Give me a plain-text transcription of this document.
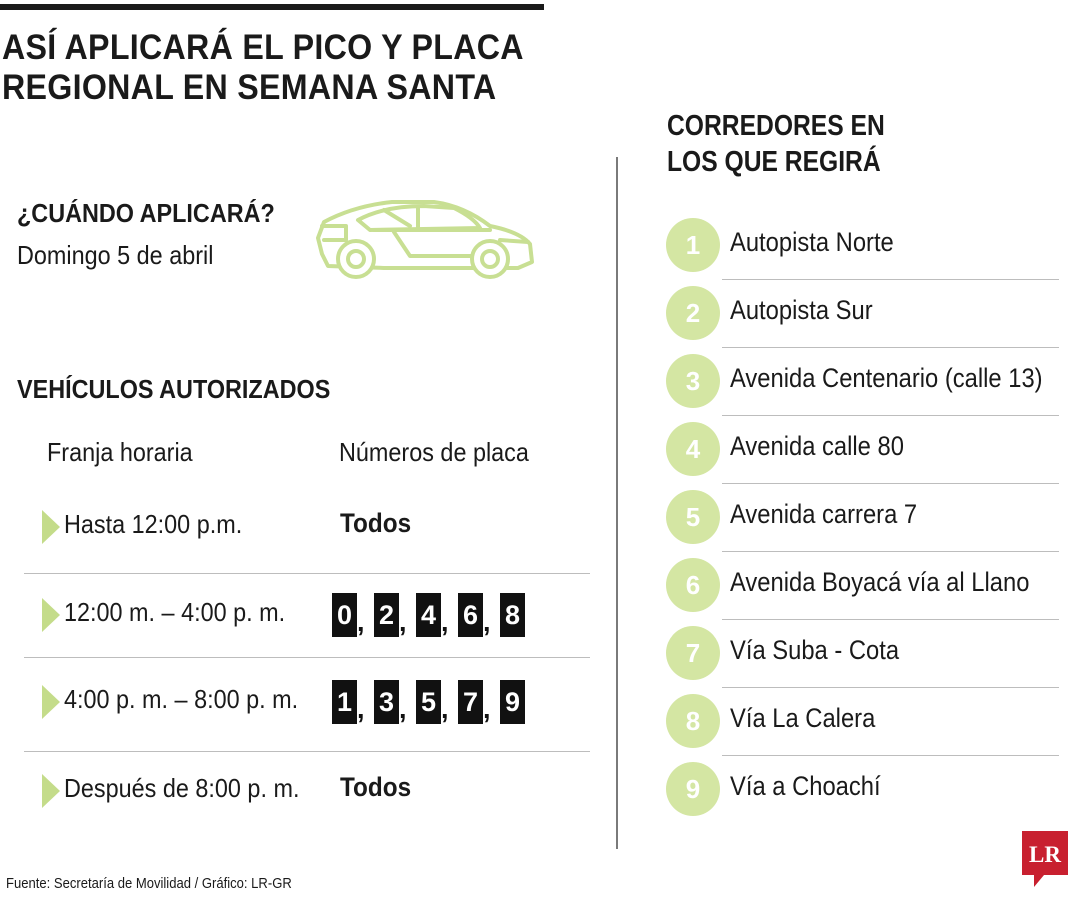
ASÍ APLICARÁ EL PICO Y PLACA
REGIONAL EN SEMANA SANTA
¿CUÁNDO APLICARÁ?
Domingo 5 de abril
VEHÍCULOS AUTORIZADOS
Franja horaria	Números de placa
Hasta 12:00 p.m.	Todos
12:00 m. – 4:00 p. m. 0 , 2 , 4 , 6 , 8
4:00 p. m. – 8:00 p. m. 1 , 3 , 5 , 7 , 9
Después de 8:00 p. m. Todos
CORREDORES EN
LOS QUE REGIRÁ
1	Autopista Norte
2	Autopista Sur
3	Avenida Centenario (calle 13)
4	Avenida calle 80
5	Avenida carrera 7
6	Avenida Boyacá vía al Llano
7	Vía Suba - Cota
8	Vía La Calera
9	Vía a Choachí
Fuente: Secretaría de Movilidad / Gráfico: LR-GR
LR
